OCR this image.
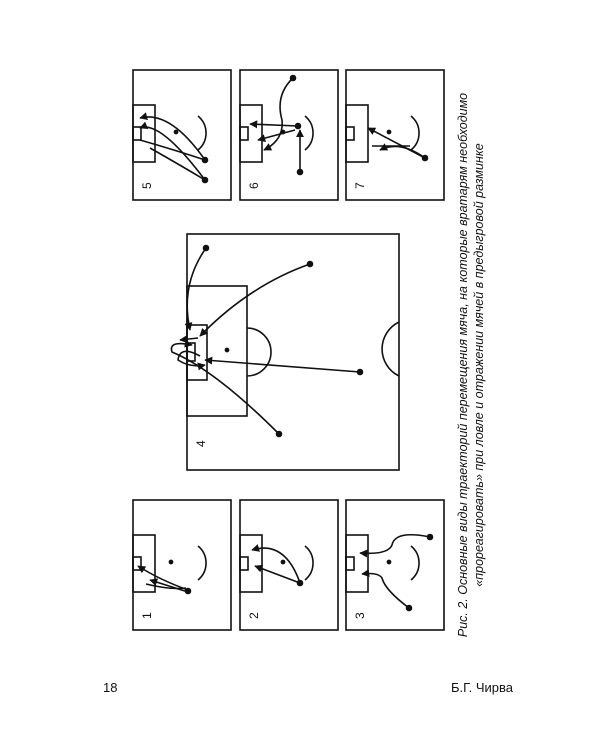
1	2	3
5	6	7
4	Рис. 2. Основные виды траекторий перемещения мяча, на которые вратарям необходимо «прореагировать» при ловле и отражении мячей в предыгровой разминке
18	Б.Г. Чирва
